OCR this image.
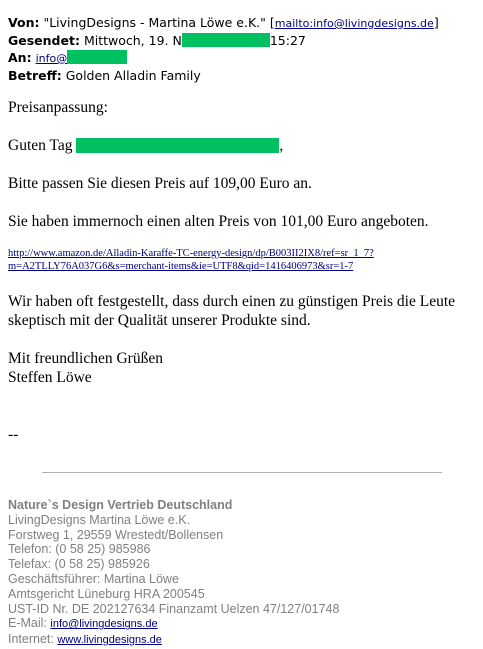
Von: "LivingDesigns - Martina Löwe e.K." [mailto:info@livingdesigns.de]
Gesendet: Mittwoch, 19. N	15:27
An: info@
Betreff: Golden Alladin Family

Preisanpassung:

Guten Tag	,

Bitte passen Sie diesen Preis auf 109,00 Euro an.

Sie haben immernoch einen alten Preis von 101,00 Euro angeboten.

http://www.amazon.de/Alladin-Karaffe-TC-energy-design/dp/B003II2IX8/ref=sr_1_7?

m=A2TLLY76A037G6&s=merchant-items&ie=UTF8&qid=1416406973&sr=1-7

Wir haben oft festgestellt, dass durch einen zu günstigen Preis die Leute

skeptisch mit der Qualität unserer Produkte sind.

Mit freundlichen Grüßen

Steffen Löwe

--

Nature`s Design Vertrieb Deutschland
LivingDesigns Martina Löwe e.K.
Forstweg 1, 29559 Wrestedt/Bollensen
Telefon: (0 58 25) 985986
Telefax: (0 58 25) 985926
Geschäftsführer: Martina Löwe
Amtsgericht Lüneburg HRA 200545
UST-ID Nr. DE 202127634 Finanzamt Uelzen 47/127/01748
E-Mail: info@livingdesigns.de
Internet: www.livingdesigns.de
